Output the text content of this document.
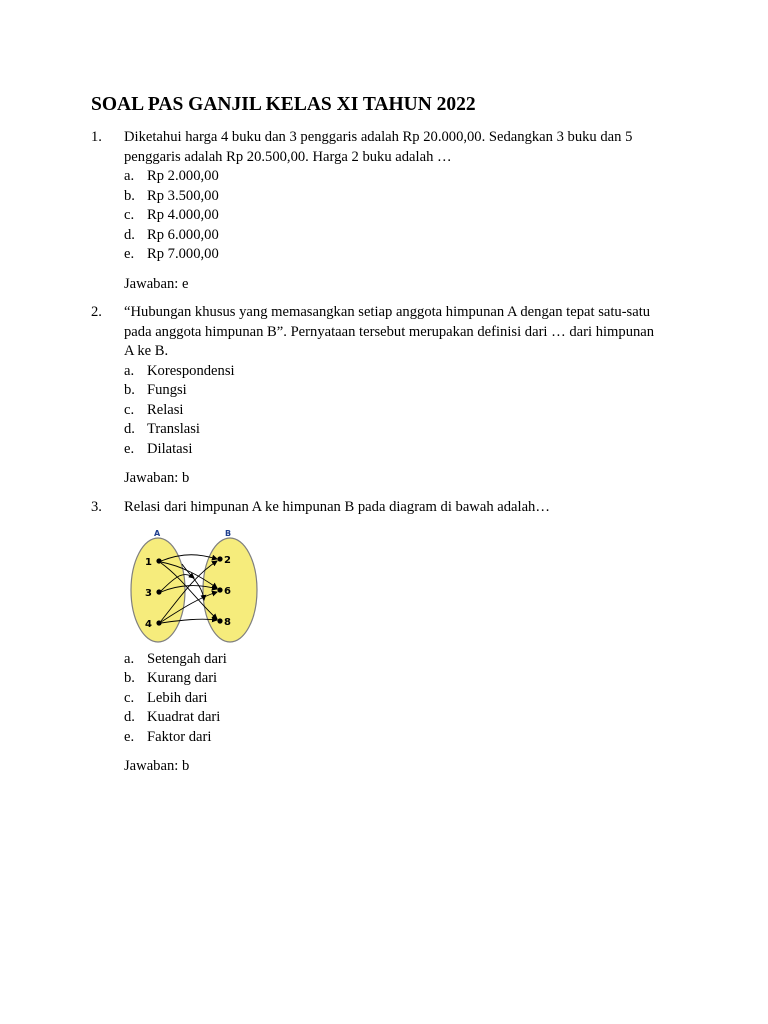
SOAL PAS GANJIL KELAS XI TAHUN 2022
1. Diketahui harga 4 buku dan 3 penggaris adalah Rp 20.000,00. Sedangkan 3 buku dan 5
penggaris adalah Rp 20.500,00. Harga 2 buku adalah …
a. Rp 2.000,00
b. Rp 3.500,00
c. Rp 4.000,00
d. Rp 6.000,00
e. Rp 7.000,00
Jawaban: e
2. “Hubungan khusus yang memasangkan setiap anggota himpunan A dengan tepat satu-satu
pada anggota himpunan B”. Pernyataan tersebut merupakan definisi dari … dari himpunan
A ke B.
a. Korespondensi
b. Fungsi
c. Relasi
d. Translasi
e. Dilatasi
Jawaban: b
3. Relasi dari himpunan A ke himpunan B pada diagram di bawah adalah…
A	B
1
3
4
2
6
8
a. Setengah dari
b. Kurang dari
c. Lebih dari
d. Kuadrat dari
e. Faktor dari
Jawaban: b
